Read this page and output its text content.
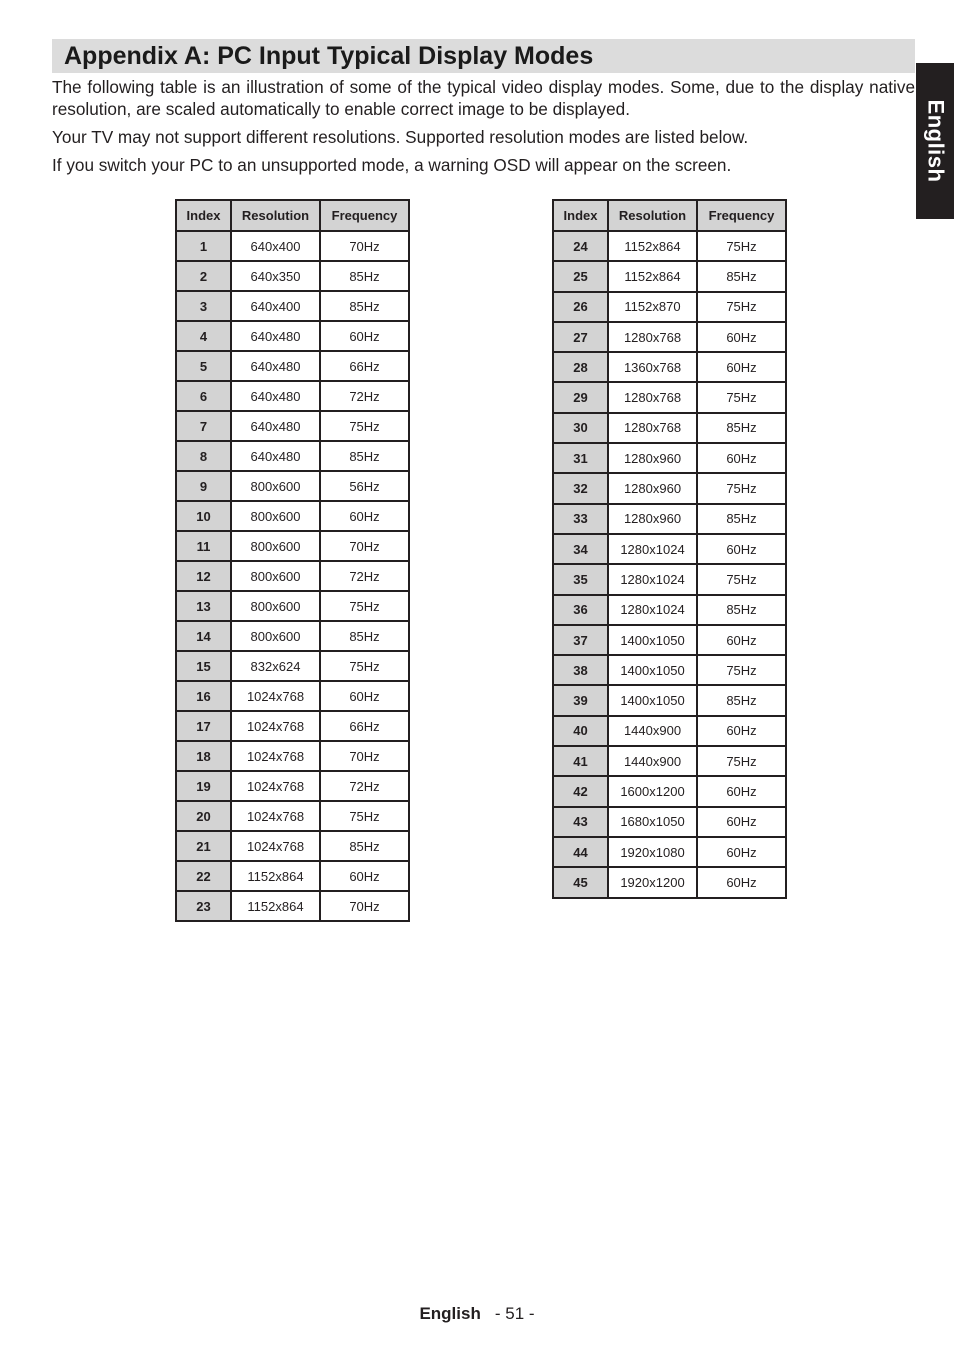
Appendix A: PC Input Typical Display Modes
English

The following table is an illustration of some of the typical video display modes. Some, due to the display native resolution, are scaled automatically to enable correct image to be displayed.

Your TV may not support different resolutions. Supported resolution modes are listed below.

If you switch your PC to an unsupported mode, a warning OSD will appear on the screen.

Index	Resolution	Frequency
1	640x400	70Hz
2	640x350	85Hz
3	640x400	85Hz
4	640x480	60Hz
5	640x480	66Hz
6	640x480	72Hz
7	640x480	75Hz
8	640x480	85Hz
9	800x600	56Hz
10	800x600	60Hz
11	800x600	70Hz
12	800x600	72Hz
13	800x600	75Hz
14	800x600	85Hz
15	832x624	75Hz
16	1024x768	60Hz
17	1024x768	66Hz
18	1024x768	70Hz
19	1024x768	72Hz
20	1024x768	75Hz
21	1024x768	85Hz
22	1152x864	60Hz
23	1152x864	70Hz
Index	Resolution	Frequency
24	1152x864	75Hz
25	1152x864	85Hz
26	1152x870	75Hz
27	1280x768	60Hz
28	1360x768	60Hz
29	1280x768	75Hz
30	1280x768	85Hz
31	1280x960	60Hz
32	1280x960	75Hz
33	1280x960	85Hz
34	1280x1024	60Hz
35	1280x1024	75Hz
36	1280x1024	85Hz
37	1400x1050	60Hz
38	1400x1050	75Hz
39	1400x1050	85Hz
40	1440x900	60Hz
41	1440x900	75Hz
42	1600x1200	60Hz
43	1680x1050	60Hz
44	1920x1080	60Hz
45	1920x1200	60Hz
English - 51 -
